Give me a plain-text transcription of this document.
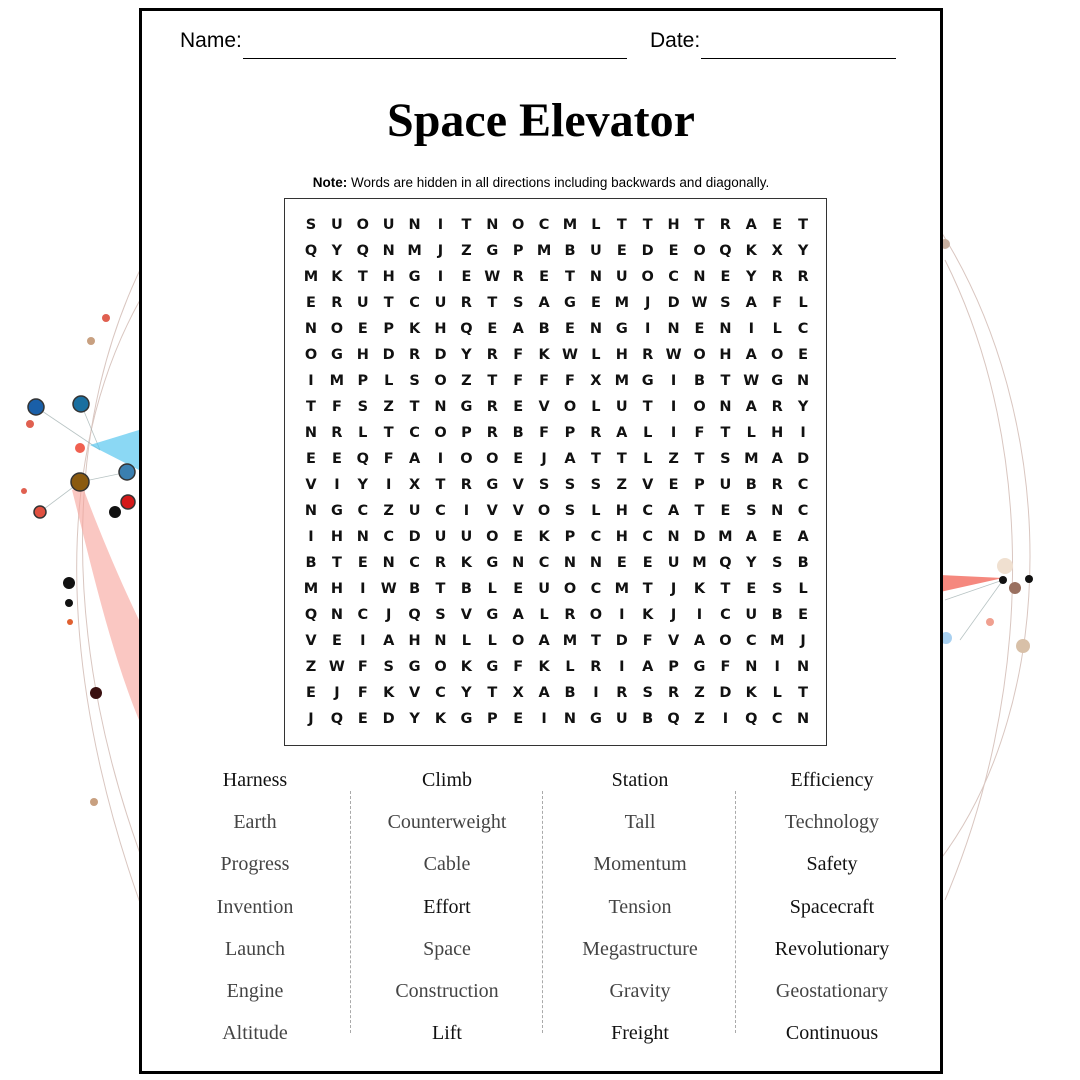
Name:	Date:
Space Elevator
Note: Words are hidden in all directions including backwards and diagonally.
S	U O U N	I	T	N O C M L	T	T	H	T	R	A	E	T
Q Y Q N M	J	Z	G	P M B U	E	D	E	O Q K	X	Y
M K	T	H G	I	E W R	E	T	N U O C	N	E	Y	R	R
E	R U	T	C	U R	T	S	A G	E M	J	D W S	A	F	L
N O	E	P	K H Q	E	A	B	E	N G	I	N	E	N	I	L	C
O G H D R D	Y	R	F	K W L	H R W O H A O	E
I	M P	L	S	O Z	T	F	F	F	X M G	I	B	T W G N
T	F	S	Z	T	N G R	E	V O	L	U	T	I	O N A	R	Y
N R	L	T	C O P	R	B	F	P	R	A	L	I	F	T	L	H	I
E	E	Q	F	A	I	O O	E	J	A	T	T	L	Z	T	S M A D
V	I	Y	I	X	T	R G V	S	S	S	Z	V	E	P	U B	R	C
N G	C	Z	U	C	I	V	V O	S	L	H	C	A	T	E	S	N	C
I	H N	C	D U U O	E	K	P	C	H	C	N D M A	E	A
B	T	E	N	C	R	K G N	C	N N	E	E	U M Q	Y	S	B
M H	I	W B	T	B	L	E	U O C M T	J	K	T	E	S	L
Q N	C	J	Q	S	V G A	L	R O	I	K	J	I	C	U B	E
V	E	I	A H N	L	L	O A M T	D	F	V	A O C M	J
Z W F	S	G O K G	F	K	L	R	I	A	P	G	F	N	I	N
E	J	F	K	V	C	Y	T	X	A	B	I	R	S	R	Z	D K	L	T
J	Q	E	D	Y	K G	P	E	I	N G U B Q Z	I	Q C	N
Harness
Earth
Progress
Invention
Launch
Engine
Altitude
Climb
Counterweight
Cable
Effort
Space
Construction
Lift
Station
Tall
Momentum
Tension
Megastructure
Gravity
Freight
Efficiency
Technology
Safety
Spacecraft
Revolutionary
Geostationary
Continuous
